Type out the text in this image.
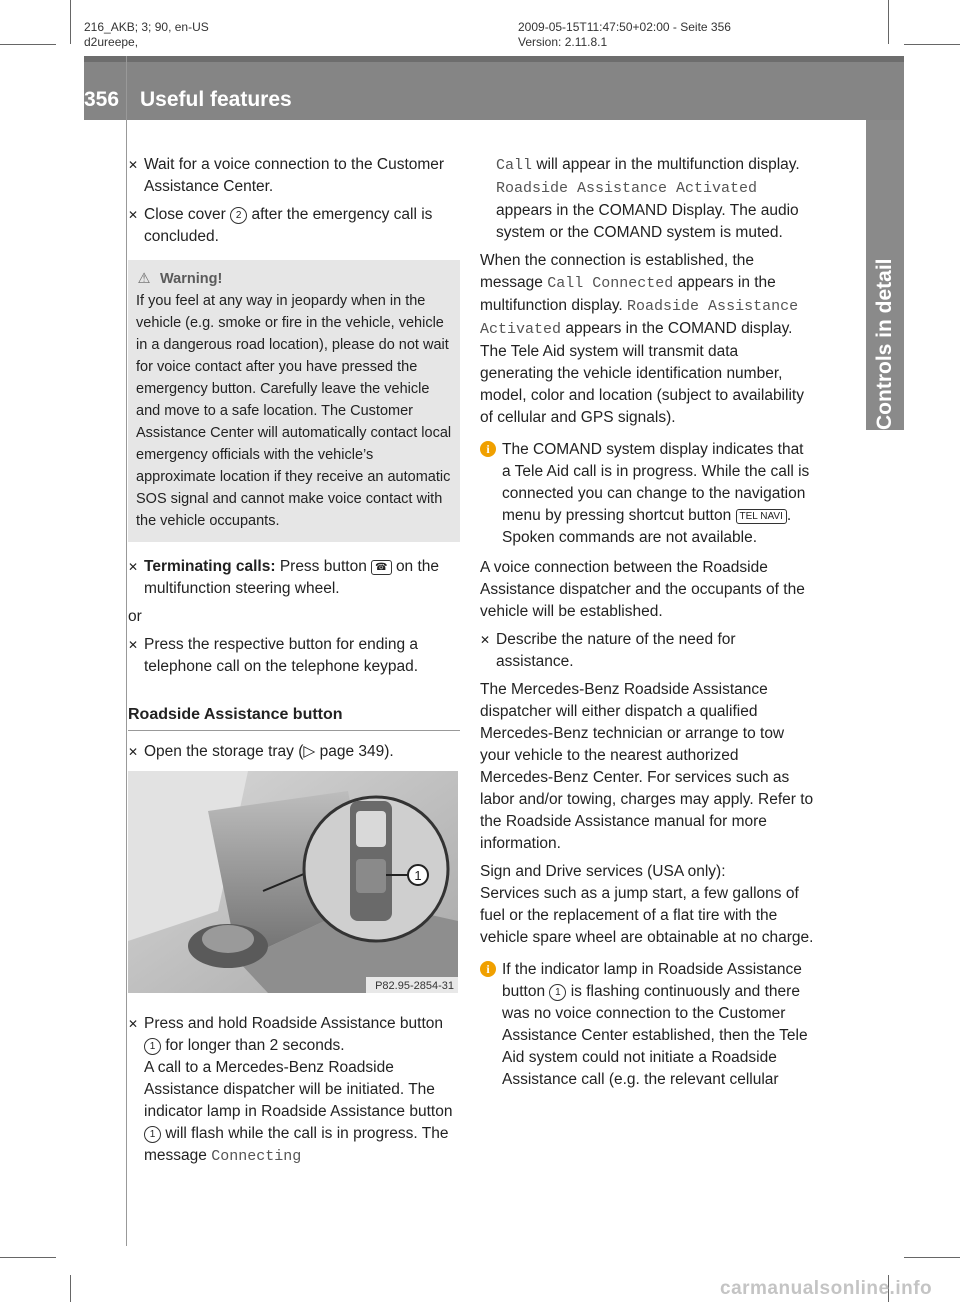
216_AKB; 3; 90, en-US
d2ureepe,
2009-05-15T11:47:50+02:00 - Seite 356
Version: 2.11.8.1
356 Useful features
Controls in detail
✕ Wait for a voice connection to the Customer Assistance Center.
✕ Close cover 2 after the emergency call is concluded.
⚠ Warning!
If you feel at any way in jeopardy when in the vehicle (e.g. smoke or fire in the vehicle, vehicle in a dangerous road location), please do not wait for voice contact after you have pressed the emergency button. Carefully leave the vehicle and move to a safe location. The Customer Assistance Center will automatically contact local emergency officials with the vehicle’s approximate location if they receive an automatic SOS signal and cannot make voice contact with the vehicle occupants.
✕ Terminating calls: Press button ☎ on the multifunction steering wheel.
or
✕ Press the respective button for ending a telephone call on the telephone keypad.
Roadside Assistance button
✕ Open the storage tray (▷ page 349).
1
P82.95-2854-31
✕ Press and hold Roadside Assistance button 1 for longer than 2 seconds.
A call to a Mercedes-Benz Roadside Assistance dispatcher will be initiated. The indicator lamp in Roadside Assistance button 1 will flash while the call is in progress. The message Connecting
Call will appear in the multifunction display. Roadside Assistance Activated appears in the COMAND Display. The audio system or the COMAND system is muted.
When the connection is established, the message Call Connected appears in the multifunction display. Roadside Assistance Activated appears in the COMAND display. The Tele Aid system will transmit data generating the vehicle identification number, model, color and location (subject to availability of cellular and GPS signals).
i The COMAND system display indicates that a Tele Aid call is in progress. While the call is connected you can change to the navigation menu by pressing shortcut button TEL NAVI . Spoken commands are not available.
A voice connection between the Roadside Assistance dispatcher and the occupants of the vehicle will be established.
✕ Describe the nature of the need for assistance.
The Mercedes-Benz Roadside Assistance dispatcher will either dispatch a qualified Mercedes-Benz technician or arrange to tow your vehicle to the nearest authorized Mercedes-Benz Center. For services such as labor and/or towing, charges may apply. Refer to the Roadside Assistance manual for more information.
Sign and Drive services (USA only):
Services such as a jump start, a few gallons of fuel or the replacement of a flat tire with the vehicle spare wheel are obtainable at no charge.
i If the indicator lamp in Roadside Assistance button 1 is flashing continuously and there was no voice connection to the Customer Assistance Center established, then the Tele Aid system could not initiate a Roadside Assistance call (e.g. the relevant cellular
carmanualsonline.info
